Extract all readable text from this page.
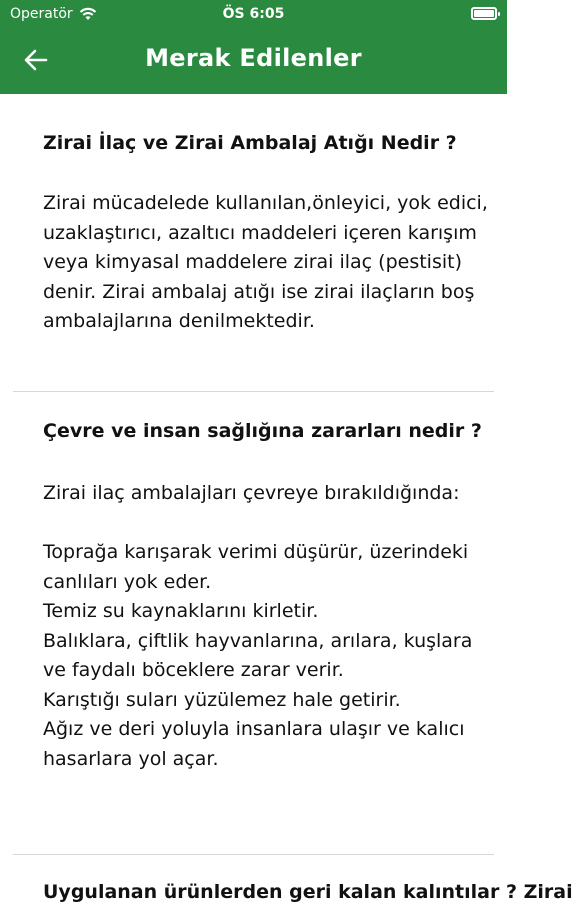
Operatör	ÖS 6:05
Merak Edilenler
Zirai İlaç ve Zirai Ambalaj Atığı Nedir ?
Zirai mücadelede kullanılan,önleyici, yok edici, uzaklaştırıcı, azaltıcı maddeleri içeren karışım veya kimyasal maddelere zirai ilaç (pestisit) denir. Zirai ambalaj atığı ise zirai ilaçların boş ambalajlarına denilmektedir.
Çevre ve insan sağlığına zararları nedir ?
Zirai ilaç ambalajları çevreye bırakıldığında:

Toprağa karışarak verimi düşürür, üzerindeki canlıları yok eder.
Temiz su kaynaklarını kirletir.
Balıklara, çiftlik hayvanlarına, arılara, kuşlara ve faydalı böceklere zarar verir.
Karıştığı suları yüzülemez hale getirir.
Ağız ve deri yoluyla insanlara ulaşır ve kalıcı hasarlara yol açar.
Uygulanan ürünlerden geri kalan kalıntılar ? Zirai
